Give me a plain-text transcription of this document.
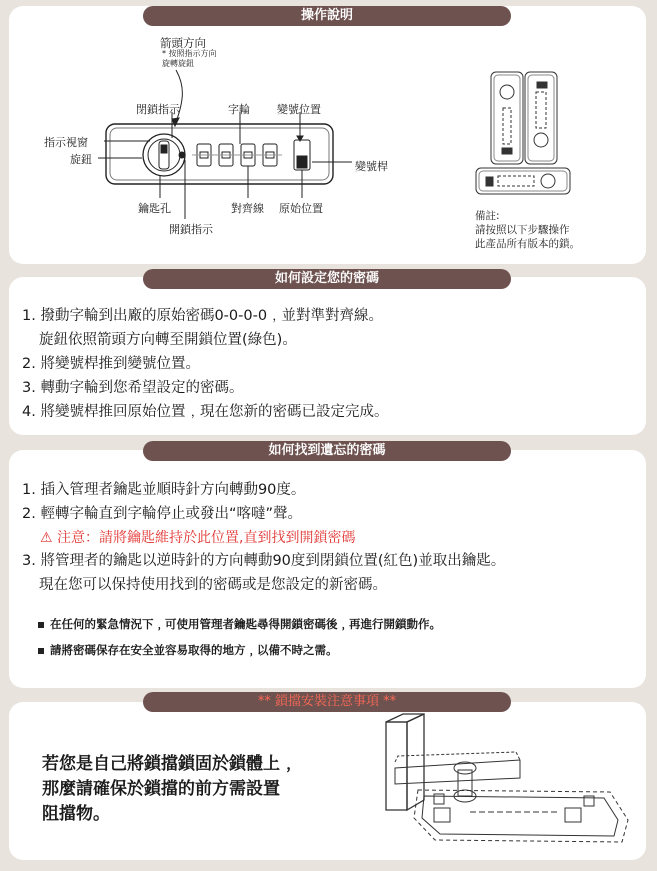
操作說明
箭頭方向
* 按照指示方向
旋轉旋鈕
閉鎖指示	字輪 變號位置
指示視窗
旋鈕
變號桿
鑰匙孔	對齊線 原始位置
開鎖指示
備註:
請按照以下步驟操作
此產品所有版本的鎖。
如何設定您的密碼
1. 撥動字輪到出廠的原始密碼0-0-0-0﹐並對準對齊線。
旋鈕依照箭頭方向轉至開鎖位置(綠色)。
2. 將變號桿推到變號位置。
3. 轉動字輪到您希望設定的密碼。
4. 將變號桿推回原始位置﹐現在您新的密碼已設定完成。
如何找到遺忘的密碼
1. 插入管理者鑰匙並順時針方向轉動90度。
2. 輕轉字輪直到字輪停止或發出“喀噠”聲。
⚠ 注意：請將鑰匙維持於此位置,直到找到開鎖密碼
3. 將管理者的鑰匙以逆時針的方向轉動90度到閉鎖位置(紅色)並取出鑰匙。
現在您可以保持使用找到的密碼或是您設定的新密碼。
在任何的緊急情況下﹐可使用管理者鑰匙尋得開鎖密碼後﹐再進行開鎖動作。
請將密碼保存在安全並容易取得的地方﹐以備不時之需。
** 鎖擋安裝注意事項 **
若您是自己將鎖擋鎖固於鎖體上﹐
那麼請確保於鎖擋的前方需設置
阻擋物。
